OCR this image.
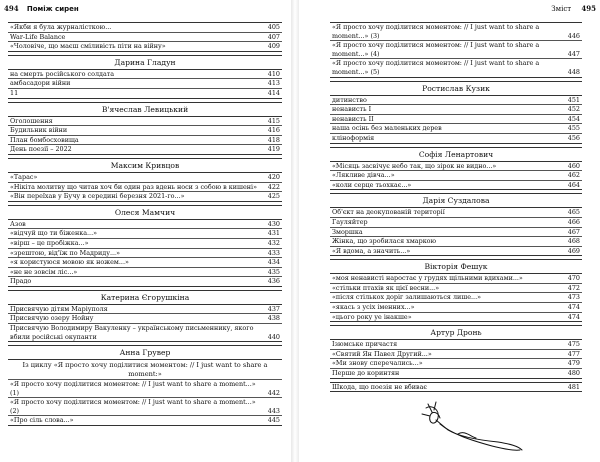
494 Поміж сирен
«Якби я була журналісткою...	405
War-Life Balance	407
«Чоловіче, що маєш сміливість піти на війну»	409
Дарина Гладун
на смерть російського солдата	410
амбасадори війни	413
11	414
В'ячеслав Левицький
Оголошення	415
Будильник війни	416
План бомбосховища	418
День поезії – 2022	419
Максим Кривцов
«Тарас»	420
«Нікіта молитву що читав хоч би один раз вдень носи з собою в кишені» 422
«Він переїхав у Бучу в середині березня 2021-го...»	425
Олеся Мамчич
Азов	430
«відчуй що ти біженка...»	431
«вірш – це пробіжка...»	432
«зрештою, від'їж по Мадриду...»	433
«я користуюся мовою як ножем...»	434
«не не зовсім ліс...»	435
Прадо	436
Катерина Єгорушкіна
Присвячую дітям Маріуполя	437
Присвячую озеру Нойну	438
Присвячую Володимиру Вакуленку – українському письменнику, якого вбили російські окупанти	440
Анна Грувер
Із циклу «Я просто хочу поділитися моментом: // I just want to share a moment:»
«Я просто хочу поділитися моментом: // I just want to share a moment...» (1)	442
«Я просто хочу поділитися моментом: // I just want to share a moment...» (2)	443
«Про сіль слова...»	445
Зміст 495
«Я просто хочу поділитися моментом: // I just want to share a moment...» (3)	446
«Я просто хочу поділитися моментом: // I just want to share a moment...» (4)	447
«Я просто хочу поділитися моментом: // I just want to share a moment...» (5)	448
Ростислав Кузик
дитинство	451
ненависть I	452
ненависть II	454
наша осінь без маленьких дерев	455
кліноформія	456
Софія Ленартович
«Місяць засвічує небо так, що зірок не видно...»	460
«Лякливе дівча...»	462
«коли серце тьохкає...»	464
Дарія Суздалова
Об'єкт на деокупованій території	465
Гауляйтер	466
Зморшка	467
Жінка, що зробилася хмаркою	468
«Я вдома, а значить...»	469
Вікторія Фешук
«моя ненависті наростає у грудях щільними вдихами...»	470
«стільки птахів як цієї весни...»	472
«після стількох доріг залишаються лише...»	473
«якась з усіх іменних...»	474
«цього року уе інакше»	474
Артур Дронь
Ізюмське причастя	475
«Святий Ян Павел Другий...»	477
«Ми знову сперечались...»	479
Перше до коринтян	480
Шкода, що поезія не вбиває	481
